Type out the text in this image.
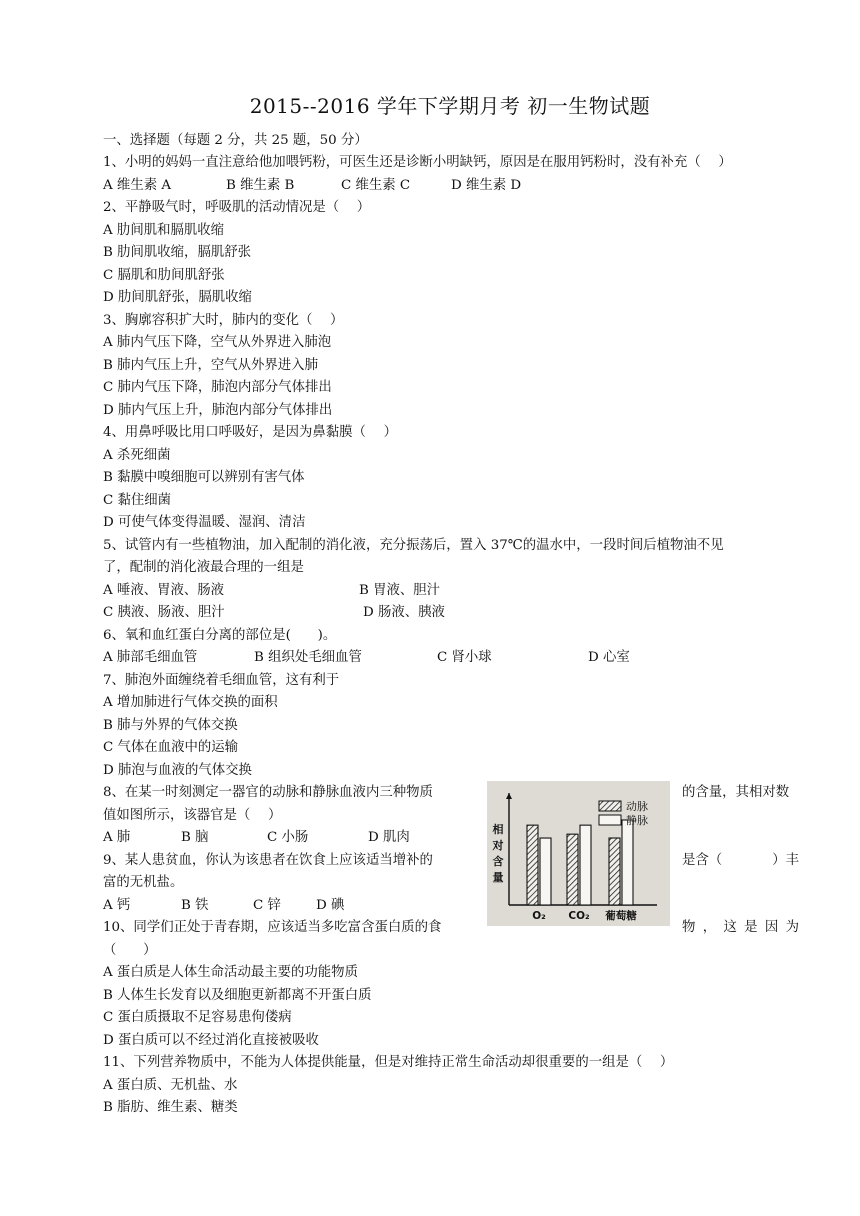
2015--2016 学年下学期月考 初一生物试题
一、选择题（每题 2 分，共 25 题，50 分）
1、小明的妈妈一直注意给他加喂钙粉，可医生还是诊断小明缺钙，原因是在服用钙粉时，没有补充（　 ）
A 维生素 A	B 维生素 B	C 维生素 C	D 维生素 D
2、平静吸气时，呼吸肌的活动情况是（　 ）
A 肋间肌和膈肌收缩
B 肋间肌收缩，膈肌舒张
C 膈肌和肋间肌舒张
D 肋间肌舒张，膈肌收缩
3、胸廓容积扩大时，肺内的变化（　 ）
A 肺内气压下降，空气从外界进入肺泡
B 肺内气压上升，空气从外界进入肺
C 肺内气压下降，肺泡内部分气体排出
D 肺内气压上升，肺泡内部分气体排出
4、用鼻呼吸比用口呼吸好，是因为鼻黏膜（　 ）
A 杀死细菌
B 黏膜中嗅细胞可以辨别有害气体
C 黏住细菌
D 可使气体变得温暖、湿润、清洁
5、试管内有一些植物油，加入配制的消化液，充分振荡后，置入 37℃的温水中，一段时间后植物油不见
了，配制的消化液最合理的一组是
A 唾液、胃液、肠液	B 胃液、胆汁
C 胰液、肠液、胆汁	D 肠液、胰液
6、氧和血红蛋白分离的部位是(　　)。
A 肺部毛细血管	B 组织处毛细血管	C 肾小球	D 心室
7、肺泡外面缠绕着毛细血管，这有利于
A 增加肺进行气体交换的面积
B 肺与外界的气体交换
C 气体在血液中的运输
D 肺泡与血液的气体交换
8、在某一时刻测定一器官的动脉和静脉血液内三种物质	的含量，其相对数
值如图所示，该器官是（　 ）
A 肺	B 脑	C 小肠	D 肌肉
9、某人患贫血，你认为该患者在饮食上应该适当增补的	是含（	）丰
富的无机盐。
A 钙	B 铁	C 锌	D 碘
10、同学们正处于青春期，应该适当多吃富含蛋白质的食	物 ， 这 是 因 为
（　　）
A 蛋白质是人体生命活动最主要的功能物质
B 人体生长发育以及细胞更新都离不开蛋白质
C 蛋白质摄取不足容易患佝偻病
D 蛋白质可以不经过消化直接被吸收
11、下列营养物质中，不能为人体提供能量，但是对维持正常生命活动却很重要的一组是（　 ）
A 蛋白质、无机盐、水
B 脂肪、维生素、糖类
相
对
含
量
O₂ CO₂ 葡萄糖
动脉
静脉
